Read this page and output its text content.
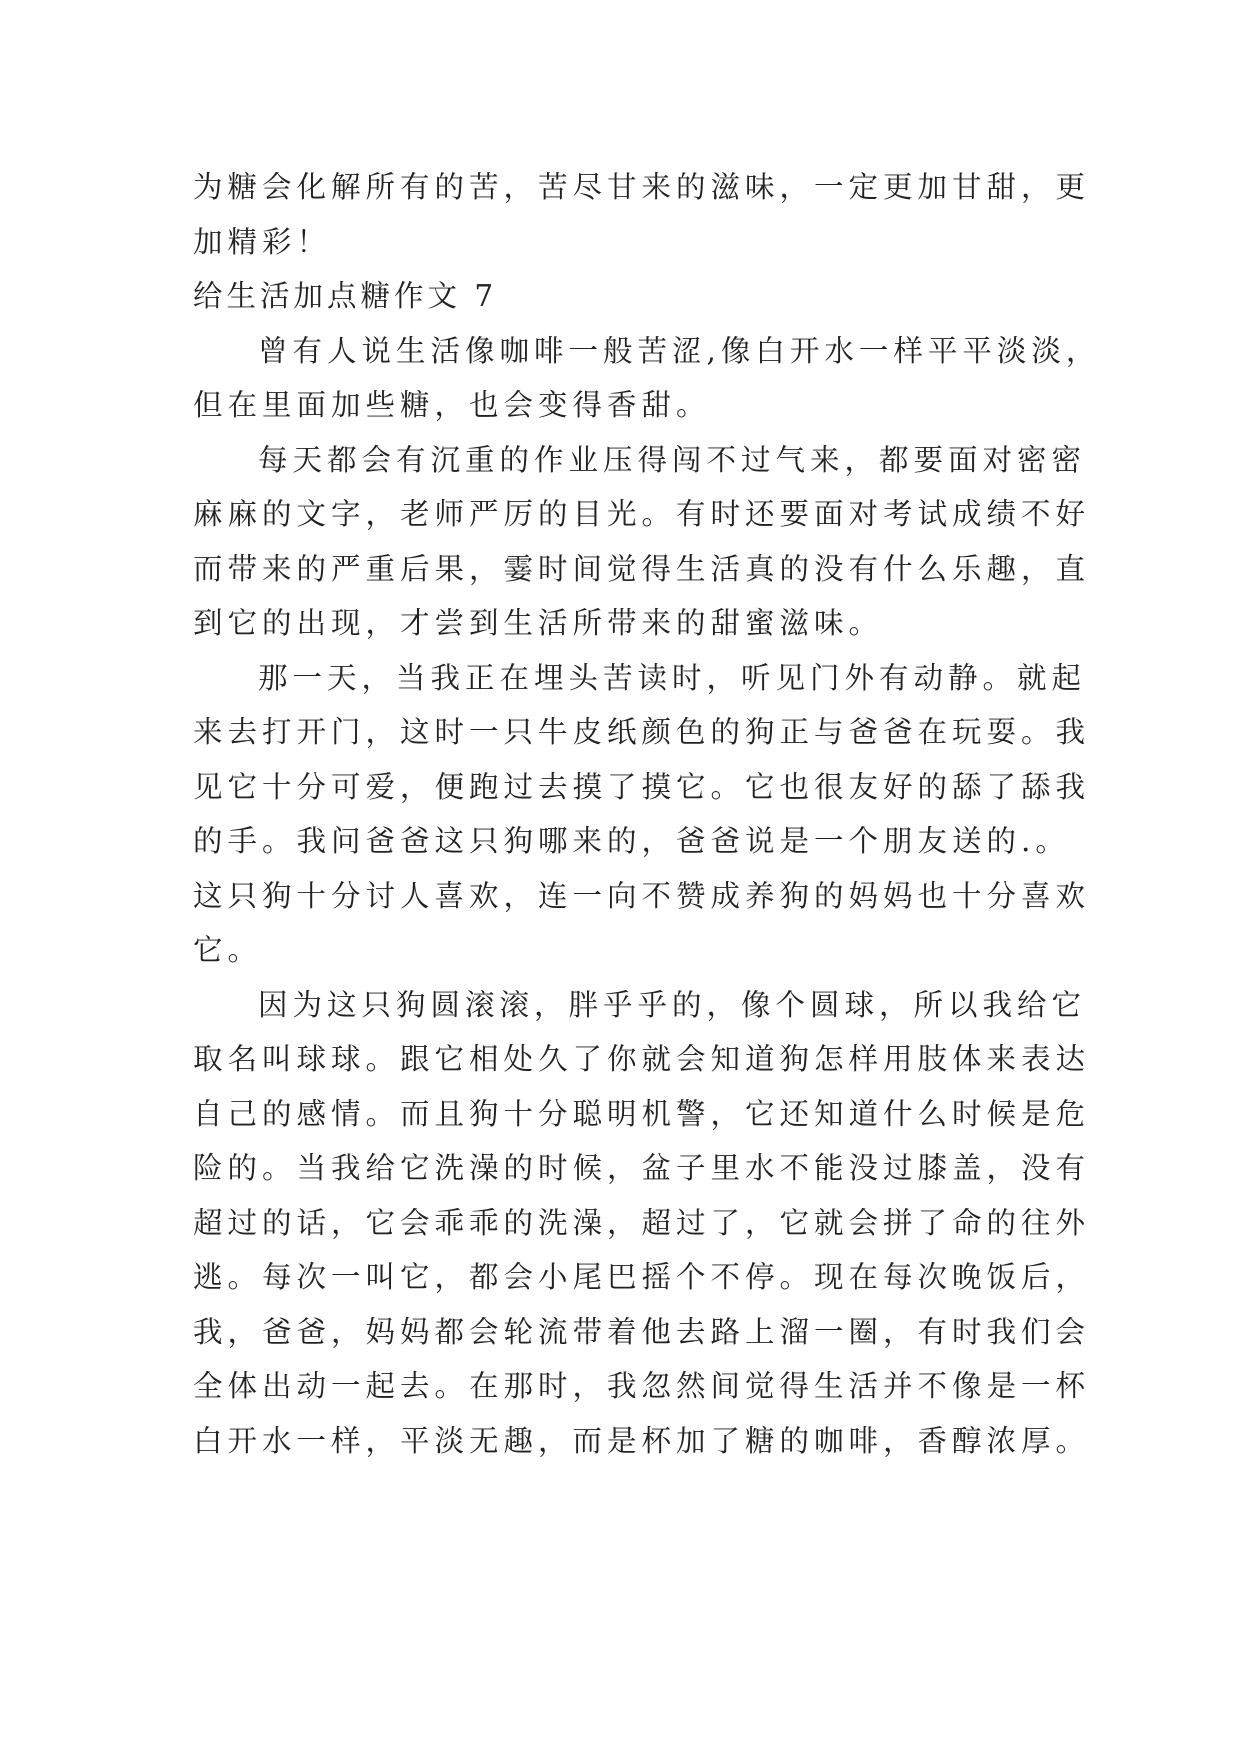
为糖会化解所有的苦，苦尽甘来的滋味，一定更加甘甜，更

加精彩！

给生活加点糖作文 7

曾有人说生活像咖啡一般苦涩,像白开水一样平平淡淡，

但在里面加些糖，也会变得香甜。

每天都会有沉重的作业压得闯不过气来，都要面对密密

麻麻的文字，老师严厉的目光。有时还要面对考试成绩不好

而带来的严重后果，霎时间觉得生活真的没有什么乐趣，直

到它的出现，才尝到生活所带来的甜蜜滋味。

那一天，当我正在埋头苦读时，听见门外有动静。就起

来去打开门，这时一只牛皮纸颜色的狗正与爸爸在玩耍。我

见它十分可爱，便跑过去摸了摸它。它也很友好的舔了舔我

的手。我问爸爸这只狗哪来的，爸爸说是一个朋友送的.。

这只狗十分讨人喜欢，连一向不赞成养狗的妈妈也十分喜欢

它。

因为这只狗圆滚滚，胖乎乎的，像个圆球，所以我给它

取名叫球球。跟它相处久了你就会知道狗怎样用肢体来表达

自己的感情。而且狗十分聪明机警，它还知道什么时候是危

险的。当我给它洗澡的时候，盆子里水不能没过膝盖，没有

超过的话，它会乖乖的洗澡，超过了，它就会拼了命的往外

逃。每次一叫它，都会小尾巴摇个不停。现在每次晚饭后，

我，爸爸，妈妈都会轮流带着他去路上溜一圈，有时我们会

全体出动一起去。在那时，我忽然间觉得生活并不像是一杯

白开水一样，平淡无趣，而是杯加了糖的咖啡，香醇浓厚。
